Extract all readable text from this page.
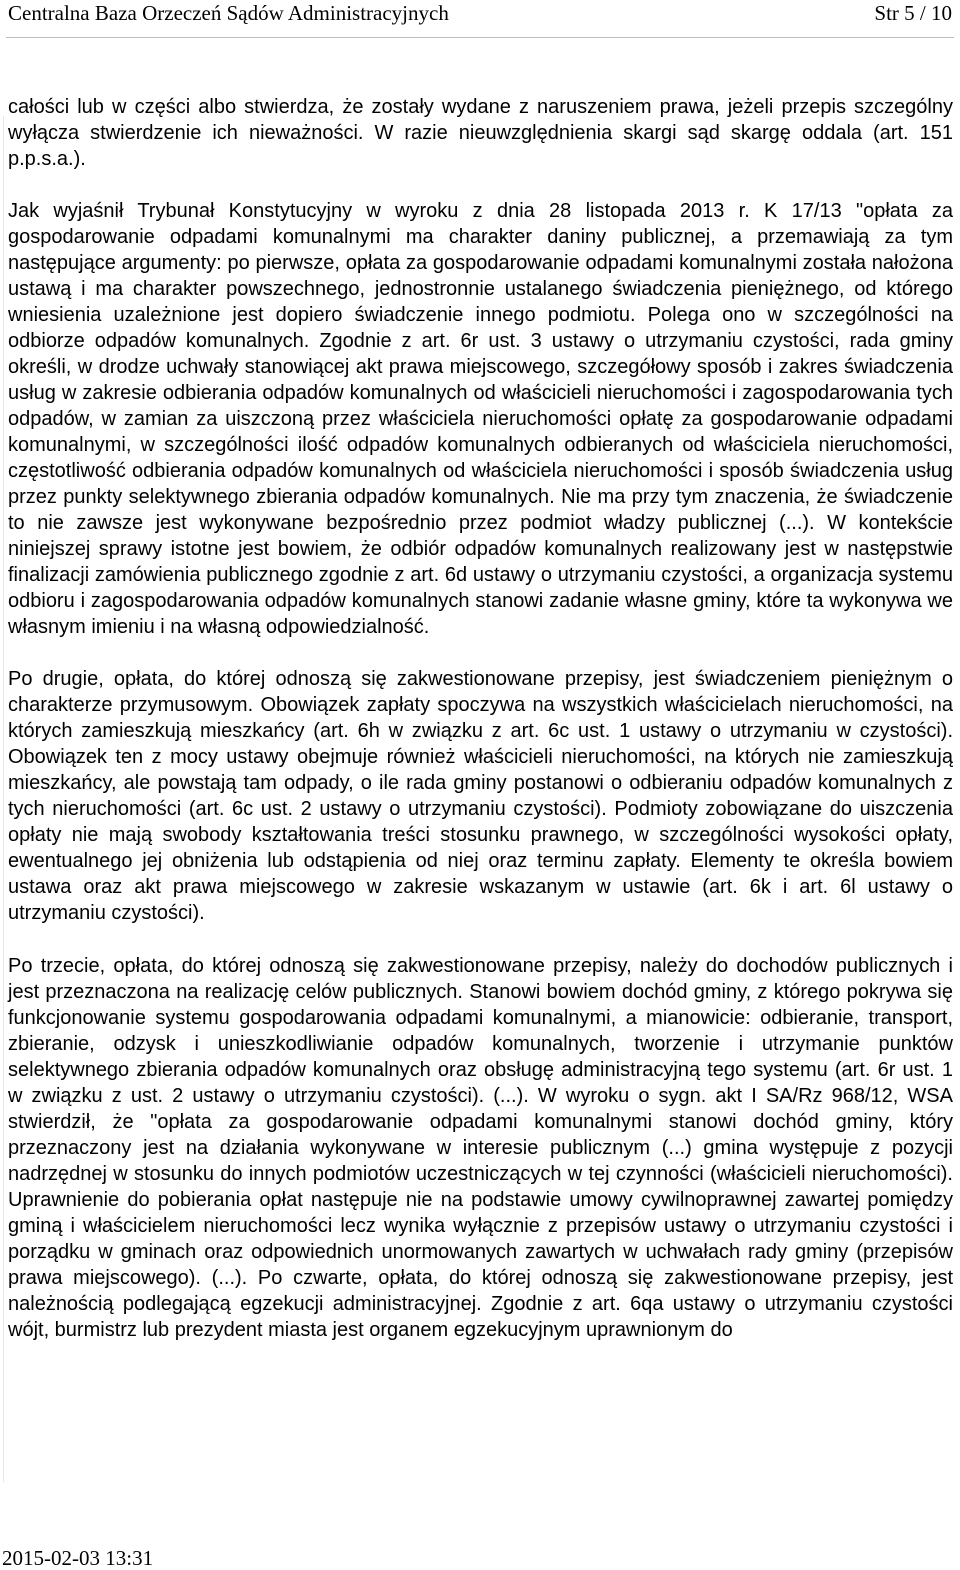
Centralna Baza Orzeczeń Sądów Administracyjnych	Str 5 / 10

całości lub w części albo stwierdza, że zostały wydane z naruszeniem prawa, jeżeli przepis szczególny wyłącza stwierdzenie ich nieważności. W razie nieuwzględnienia skargi sąd skargę oddala (art. 151 p.p.s.a.).

Jak wyjaśnił Trybunał Konstytucyjny w wyroku z dnia 28 listopada 2013 r. K 17/13 "opłata za gospodarowanie odpadami komunalnymi ma charakter daniny publicznej, a przemawiają za tym następujące argumenty: po pierwsze, opłata za gospodarowanie odpadami komunalnymi została nałożona ustawą i ma charakter powszechnego, jednostronnie ustalanego świadczenia pieniężnego, od którego wniesienia uzależnione jest dopiero świadczenie innego podmiotu. Polega ono w szczególności na odbiorze odpadów komunalnych. Zgodnie z art. 6r ust. 3 ustawy o utrzymaniu czystości, rada gminy określi, w drodze uchwały stanowiącej akt prawa miejscowego, szczegółowy sposób i zakres świadczenia usług w zakresie odbierania odpadów komunalnych od właścicieli nieruchomości i zagospodarowania tych odpadów, w zamian za uiszczoną przez właściciela nieruchomości opłatę za gospodarowanie odpadami komunalnymi, w szczególności ilość odpadów komunalnych odbieranych od właściciela nieruchomości, częstotliwość odbierania odpadów komunalnych od właściciela nieruchomości i sposób świadczenia usług przez punkty selektywnego zbierania odpadów komunalnych. Nie ma przy tym znaczenia, że świadczenie to nie zawsze jest wykonywane bezpośrednio przez podmiot władzy publicznej (...). W kontekście niniejszej sprawy istotne jest bowiem, że odbiór odpadów komunalnych realizowany jest w następstwie finalizacji zamówienia publicznego zgodnie z art. 6d ustawy o utrzymaniu czystości, a organizacja systemu odbioru i zagospodarowania odpadów komunalnych stanowi zadanie własne gminy, które ta wykonywa we własnym imieniu i na własną odpowiedzialność.

Po drugie, opłata, do której odnoszą się zakwestionowane przepisy, jest świadczeniem pieniężnym o charakterze przymusowym. Obowiązek zapłaty spoczywa na wszystkich właścicielach nieruchomości, na których zamieszkują mieszkańcy (art. 6h w związku z art. 6c ust. 1 ustawy o utrzymaniu w czystości). Obowiązek ten z mocy ustawy obejmuje również właścicieli nieruchomości, na których nie zamieszkują mieszkańcy, ale powstają tam odpady, o ile rada gminy postanowi o odbieraniu odpadów komunalnych z tych nieruchomości (art. 6c ust. 2 ustawy o utrzymaniu czystości). Podmioty zobowiązane do uiszczenia opłaty nie mają swobody kształtowania treści stosunku prawnego, w szczególności wysokości opłaty, ewentualnego jej obniżenia lub odstąpienia od niej oraz terminu zapłaty. Elementy te określa bowiem ustawa oraz akt prawa miejscowego w zakresie wskazanym w ustawie (art. 6k i art. 6l ustawy o utrzymaniu czystości).

Po trzecie, opłata, do której odnoszą się zakwestionowane przepisy, należy do dochodów publicznych i jest przeznaczona na realizację celów publicznych. Stanowi bowiem dochód gminy, z którego pokrywa się funkcjonowanie systemu gospodarowania odpadami komunalnymi, a mianowicie: odbieranie, transport, zbieranie, odzysk i unieszkodliwianie odpadów komunalnych, tworzenie i utrzymanie punktów selektywnego zbierania odpadów komunalnych oraz obsługę administracyjną tego systemu (art. 6r ust. 1 w związku z ust. 2 ustawy o utrzymaniu czystości). (...). W wyroku o sygn. akt I SA/Rz 968/12, WSA stwierdził, że "opłata za gospodarowanie odpadami komunalnymi stanowi dochód gminy, który przeznaczony jest na działania wykonywane w interesie publicznym (...) gmina występuje z pozycji nadrzędnej w stosunku do innych podmiotów uczestniczących w tej czynności (właścicieli nieruchomości). Uprawnienie do pobierania opłat następuje nie na podstawie umowy cywilnoprawnej zawartej pomiędzy gminą i właścicielem nieruchomości lecz wynika wyłącznie z przepisów ustawy o utrzymaniu czystości i porządku w gminach oraz odpowiednich unormowanych zawartych w uchwałach rady gminy (przepisów prawa miejscowego). (...). Po czwarte, opłata, do której odnoszą się zakwestionowane przepisy, jest należnością podlegającą egzekucji administracyjnej. Zgodnie z art. 6qa ustawy o utrzymaniu czystości wójt, burmistrz lub prezydent miasta jest organem egzekucyjnym uprawnionym do

2015-02-03 13:31
